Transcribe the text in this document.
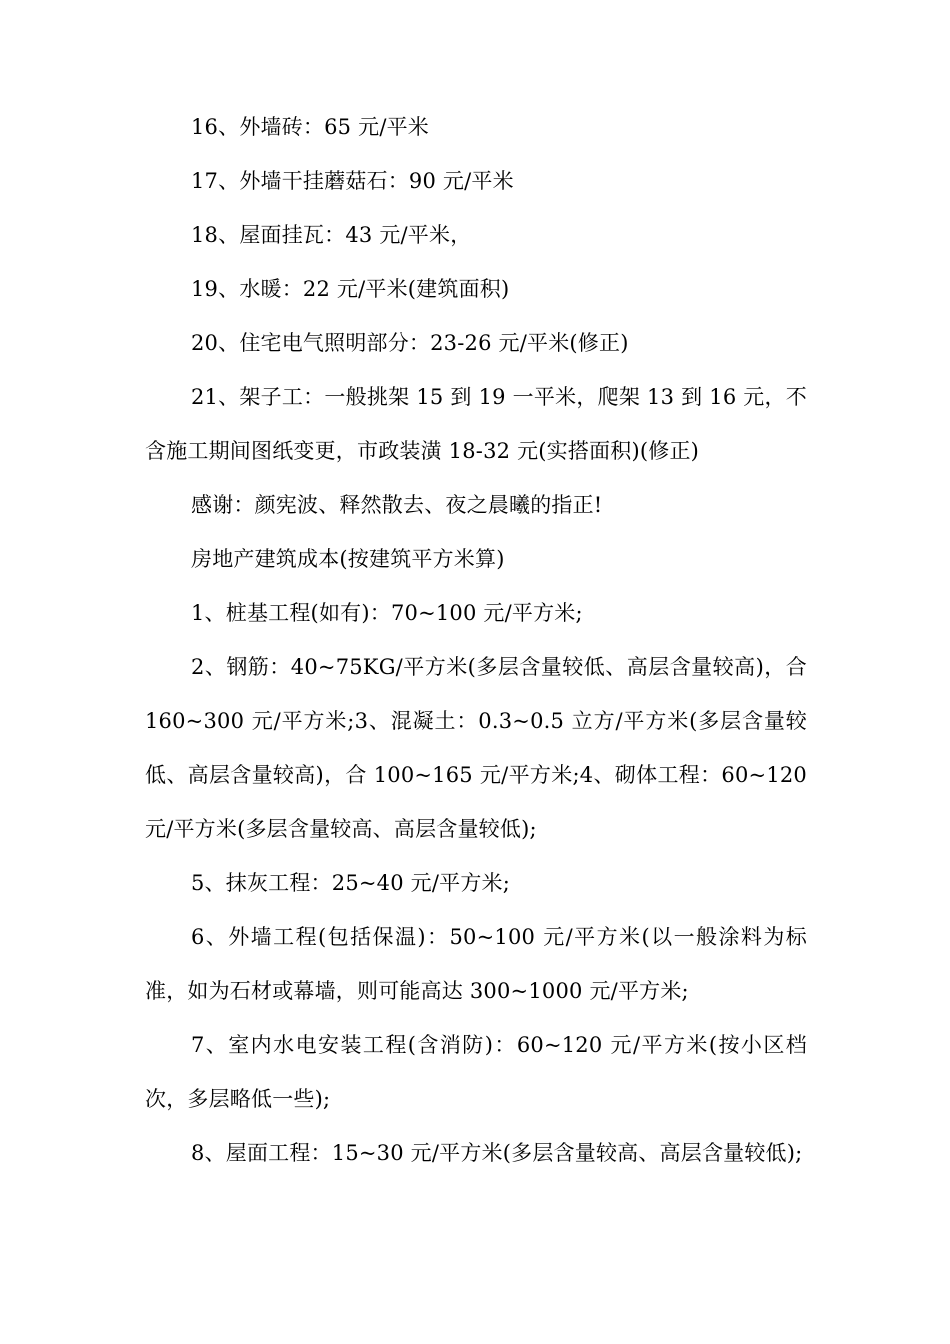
16、外墙砖：65 元/平米

17、外墙干挂蘑菇石：90 元/平米

18、屋面挂瓦：43 元/平米，

19、水暖：22 元/平米(建筑面积)

20、住宅电气照明部分：23-26 元/平米(修正)

21、架子工：一般挑架 15 到 19 一平米，爬架 13 到 16 元，不含施工期间图纸变更，市政装潢 18-32 元(实搭面积)(修正)

感谢：颜宪波、释然散去、夜之晨曦的指正!

房地产建筑成本(按建筑平方米算)

1、桩基工程(如有)：70~100 元/平方米;

2、钢筋：40~75KG/平方米(多层含量较低、高层含量较高)，合 160~300 元/平方米;3、混凝土：0.3~0.5 立方/平方米(多层含量较低、高层含量较高)，合 100~165 元/平方米;4、砌体工程：60~120 元/平方米(多层含量较高、高层含量较低);

5、抹灰工程：25~40 元/平方米;

6、外墙工程(包括保温)：50~100 元/平方米(以一般涂料为标准，如为石材或幕墙，则可能高达 300~1000 元/平方米;

7、室内水电安装工程(含消防)：60~120 元/平方米(按小区档次，多层略低一些);

8、屋面工程：15~30 元/平方米(多层含量较高、高层含量较低);
